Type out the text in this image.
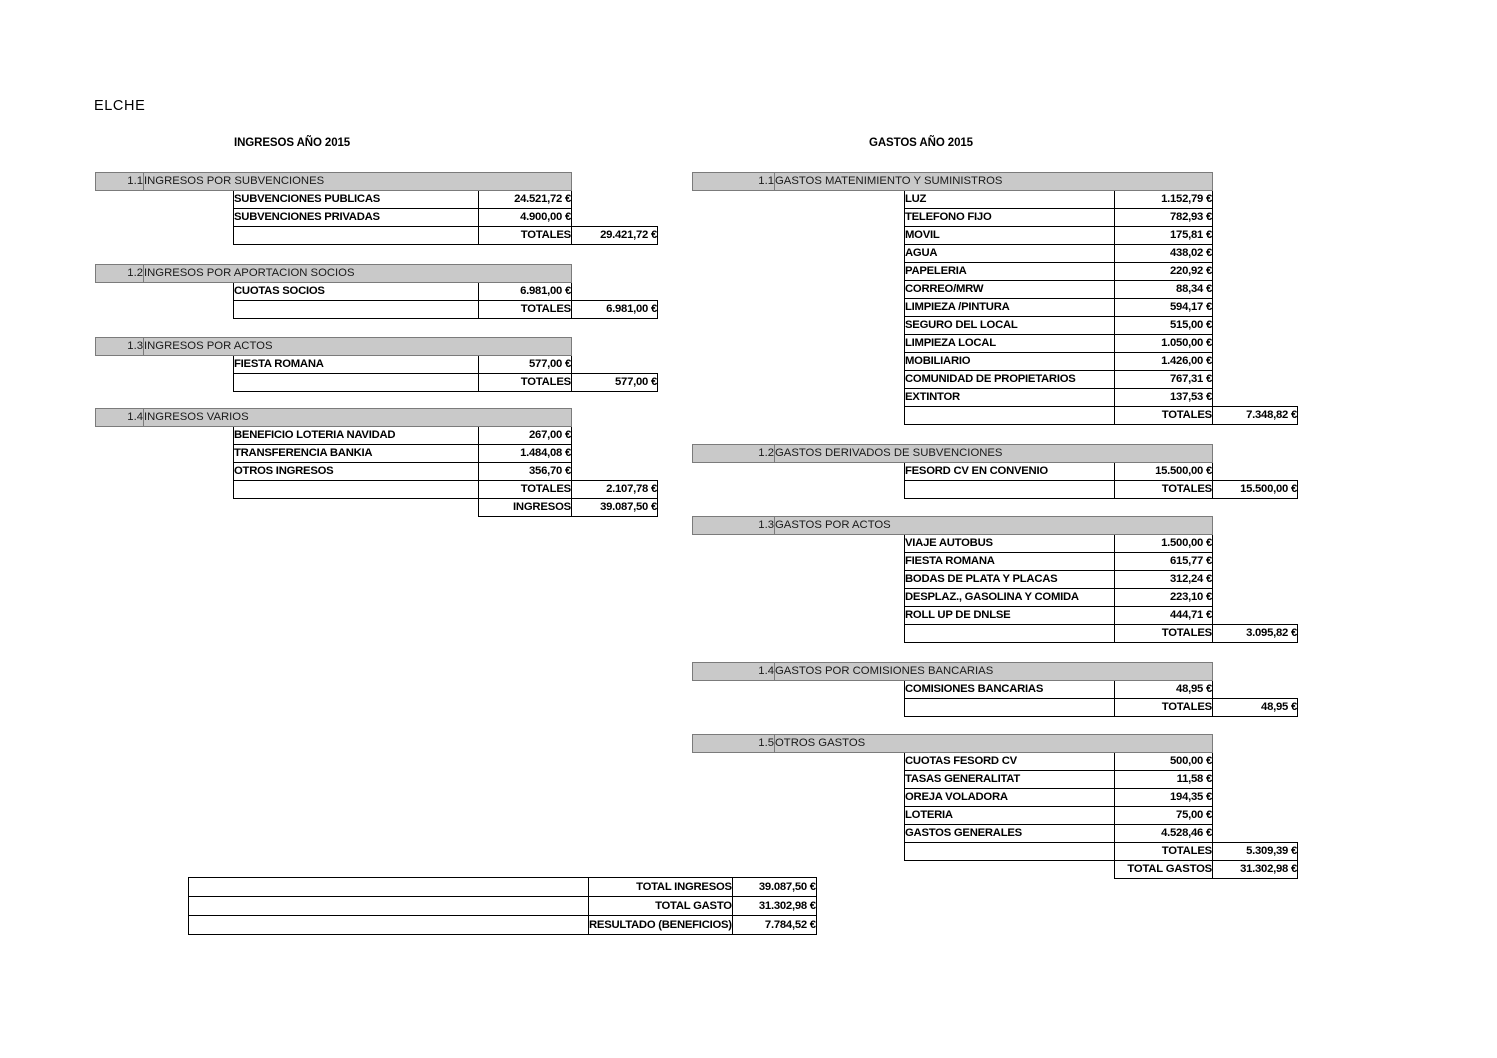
ELCHE
INGRESOS AÑO 2015	GASTOS AÑO 2015
	TOTAL INGRESOS	39.087,50 €
	TOTAL GASTO	31.302,98 €
	RESULTADO (BENEFICIOS)	7.784,52 €
1.1	INGRESOS POR SUBVENCIONES			
		SUBVENCIONES PUBLICAS	24.521,72 €	
		SUBVENCIONES PRIVADAS	4.900,00 €	
			TOTALES	29.421,72 €
1.2	INGRESOS POR APORTACION SOCIOS			
		CUOTAS SOCIOS	6.981,00 €	
			TOTALES	6.981,00 €
1.3	INGRESOS POR ACTOS			
		FIESTA ROMANA	577,00 €	
			TOTALES	577,00 €
1.4	INGRESOS VARIOS			
		BENEFICIO LOTERIA NAVIDAD	267,00 €	
		TRANSFERENCIA BANKIA	1.484,08 €	
		OTROS INGRESOS	356,70 €	
			TOTALES	2.107,78 €
			INGRESOS	39.087,50 €
1.1	GASTOS MATENIMIENTO Y SUMINISTROS			
		LUZ	1.152,79 €	
		TELEFONO FIJO	782,93 €	
		MOVIL	175,81 €	
		AGUA	438,02 €	
		PAPELERIA	220,92 €	
		CORREO/MRW	88,34 €	
		LIMPIEZA /PINTURA	594,17 €	
		SEGURO DEL LOCAL	515,00 €	
		LIMPIEZA LOCAL	1.050,00 €	
		MOBILIARIO	1.426,00 €	
		COMUNIDAD DE PROPIETARIOS	767,31 €	
		EXTINTOR	137,53 €	
			TOTALES	7.348,82 €
1.2	GASTOS DERIVADOS DE SUBVENCIONES			
		FESORD CV EN CONVENIO	15.500,00 €	
			TOTALES	15.500,00 €
1.3	GASTOS POR ACTOS			
		VIAJE AUTOBUS	1.500,00 €	
		FIESTA ROMANA	615,77 €	
		BODAS DE PLATA Y PLACAS	312,24 €	
		DESPLAZ., GASOLINA Y COMIDA	223,10 €	
		ROLL UP DE DNLSE	444,71 €	
			TOTALES	3.095,82 €
1.4	GASTOS POR COMISIONES BANCARIAS			
		COMISIONES BANCARIAS	48,95 €	
			TOTALES	48,95 €
1.5	OTROS GASTOS			
		CUOTAS FESORD CV	500,00 €	
		TASAS GENERALITAT	11,58 €	
		OREJA VOLADORA	194,35 €	
		LOTERIA	75,00 €	
		GASTOS GENERALES	4.528,46 €	
			TOTALES	5.309,39 €
			TOTAL GASTOS	31.302,98 €
